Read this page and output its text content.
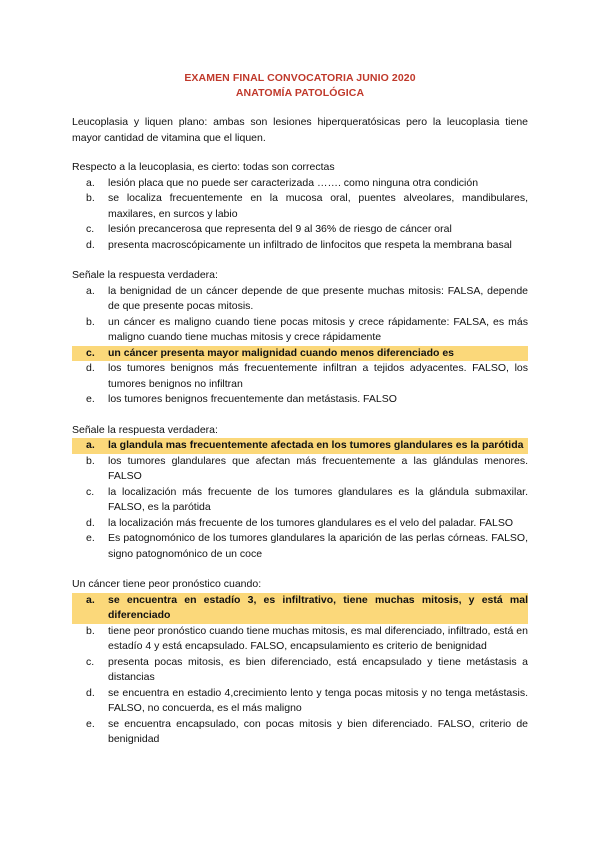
EXAMEN FINAL CONVOCATORIA JUNIO 2020
ANATOMÍA PATOLÓGICA

Leucoplasia y liquen plano: ambas son lesiones hiperqueratósicas pero la leucoplasia tiene mayor cantidad de vitamina que el liquen.

Respecto a la leucoplasia, es cierto: todas son correctas

a.	lesión placa que no puede ser caracterizada ……. como ninguna otra condición
b.	se localiza frecuentemente en la mucosa oral, puentes alveolares, mandibulares, maxilares, en surcos y labio
c.	lesión precancerosa que representa del 9 al 36% de riesgo de cáncer oral
d.	presenta macroscópicamente un infiltrado de linfocitos que respeta la membrana basal

Señale la respuesta verdadera:

a.	la benignidad de un cáncer depende de que presente muchas mitosis: FALSA, depende de que presente pocas mitosis.
b.	un cáncer es maligno cuando tiene pocas mitosis y crece rápidamente: FALSA, es más maligno cuando tiene muchas mitosis y crece rápidamente
c.	un cáncer presenta mayor malignidad cuando menos diferenciado es
d.	los tumores benignos más frecuentemente infiltran a tejidos adyacentes. FALSO, los tumores benignos no infiltran
e.	los tumores benignos frecuentemente dan metástasis. FALSO

Señale la respuesta verdadera:

a.	la glandula mas frecuentemente afectada en los tumores glandulares es la parótida
b.	los tumores glandulares que afectan más frecuentemente a las glándulas menores. FALSO
c.	la localización más frecuente de los tumores glandulares es la glándula submaxilar. FALSO, es la parótida
d.	la localización más frecuente de los tumores glandulares es el velo del paladar. FALSO
e.	Es patognomónico de los tumores glandulares la aparición de las perlas córneas. FALSO, signo patognomónico de un coce

Un cáncer tiene peor pronóstico cuando:

a.	se encuentra en estadío 3, es infiltrativo, tiene muchas mitosis, y está mal diferenciado
b.	tiene peor pronóstico cuando tiene muchas mitosis, es mal diferenciado, infiltrado, está en estadío 4 y está encapsulado. FALSO, encapsulamiento es criterio de benignidad
c.	presenta pocas mitosis, es bien diferenciado, está encapsulado y tiene metástasis a distancias
d.	se encuentra en estadio 4,crecimiento lento y tenga pocas mitosis y no tenga metástasis. FALSO, no concuerda, es el más maligno
e.	se encuentra encapsulado, con pocas mitosis y bien diferenciado. FALSO, criterio de benignidad
